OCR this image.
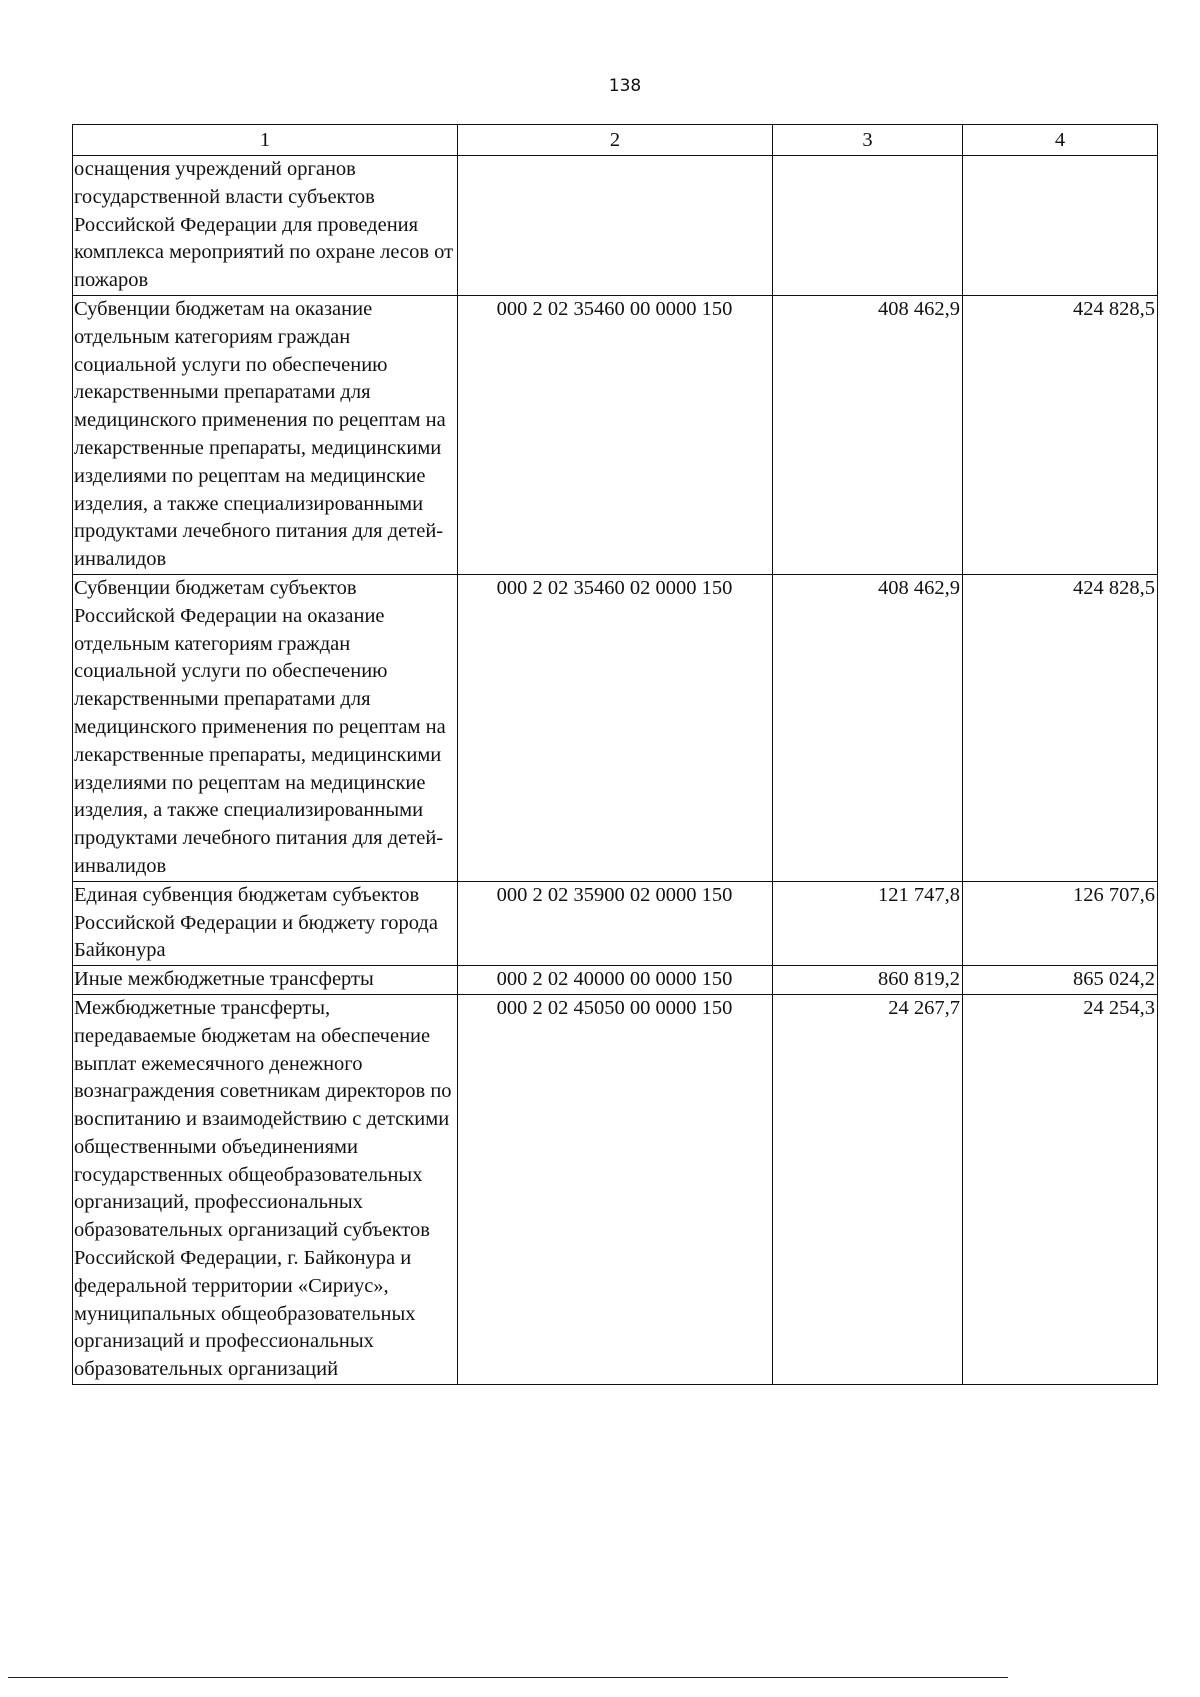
138
1	2	3	4
оснащения учреждений органов государственной власти субъектов Российской Федерации для проведения комплекса мероприятий по охране лесов от пожаров			
Субвенции бюджетам на оказание отдельным категориям граждан социальной услуги по обеспечению лекарственными препаратами для медицинского применения по рецептам на лекарственные препараты, медицинскими изделиями по рецептам на медицинские изделия, а также специализированными продуктами лечебного питания для детей-инвалидов	000 2 02 35460 00 0000 150	408 462,9	424 828,5
Субвенции бюджетам субъектов Российской Федерации на оказание отдельным категориям граждан социальной услуги по обеспечению лекарственными препаратами для медицинского применения по рецептам на лекарственные препараты, медицинскими изделиями по рецептам на медицинские изделия, а также специализированными продуктами лечебного питания для детей-инвалидов	000 2 02 35460 02 0000 150	408 462,9	424 828,5
Единая субвенция бюджетам субъектов Российской Федерации и бюджету города Байконура	000 2 02 35900 02 0000 150	121 747,8	126 707,6
Иные межбюджетные трансферты	000 2 02 40000 00 0000 150	860 819,2	865 024,2
Межбюджетные трансферты, передаваемые бюджетам на обеспечение выплат ежемесячного денежного вознаграждения советникам директоров по воспитанию и взаимодействию с детскими общественными объединениями государственных общеобразовательных организаций, профессиональных образовательных организаций субъектов Российской Федерации, г. Байконура и федеральной территории «Сириус», муниципальных общеобразовательных организаций и профессиональных образовательных организаций	000 2 02 45050 00 0000 150	24 267,7	24 254,3
